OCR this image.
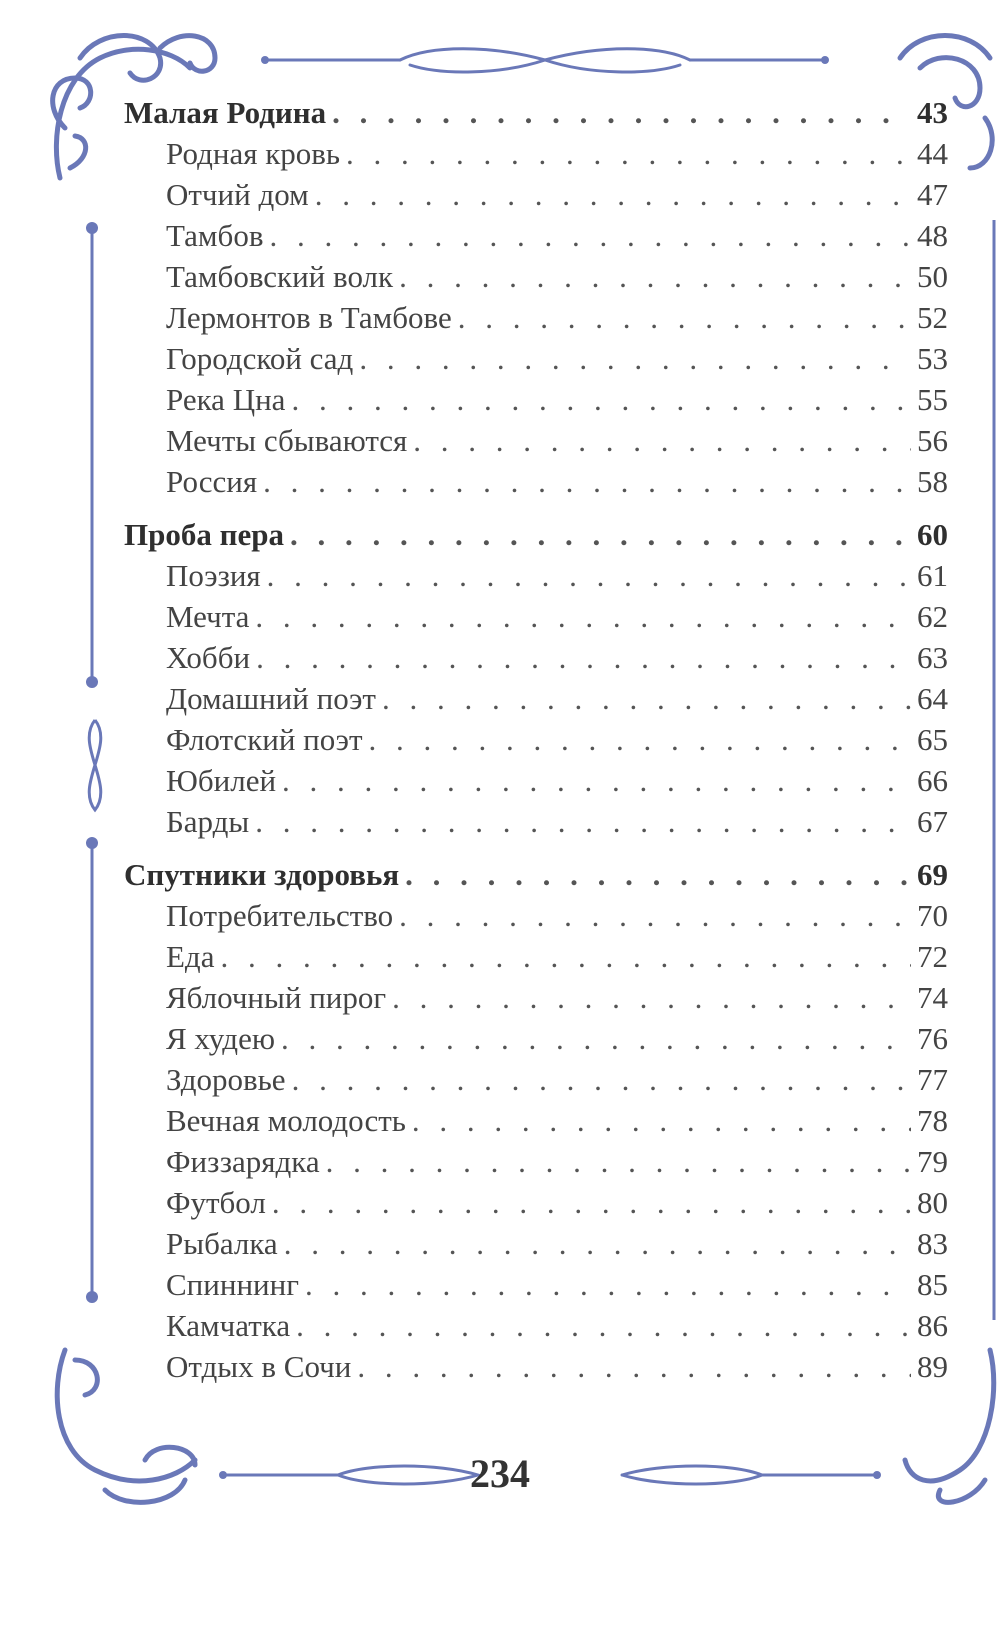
Малая Родина . . .	43
Родная кровь . . .	44
Отчий дом . . .	47
Тамбов . . .	48
Тамбовский волк . . .	50
Лермонтов в Тамбове . . .	52
Городской сад . . .	53
Река Цна . . .	55
Мечты сбываются . . .	56
Россия . . .	58
Проба пера . . .	60
Поэзия . . .	61
Мечта . . .	62
Хобби . . .	63
Домашний поэт . . .	64
Флотский поэт . . .	65
Юбилей . . .	66
Барды . . .	67
Спутники здоровья . . .	69
Потребительство . . .	70
Еда . . .	72
Яблочный пирог . . .	74
Я худею . . .	76
Здоровье . . .	77
Вечная молодость . . .	78
Физзарядка . . .	79
Футбол . . .	80
Рыбалка . . .	83
Спиннинг . . .	85
Камчатка . . .	86
Отдых в Сочи . . .	89
234
